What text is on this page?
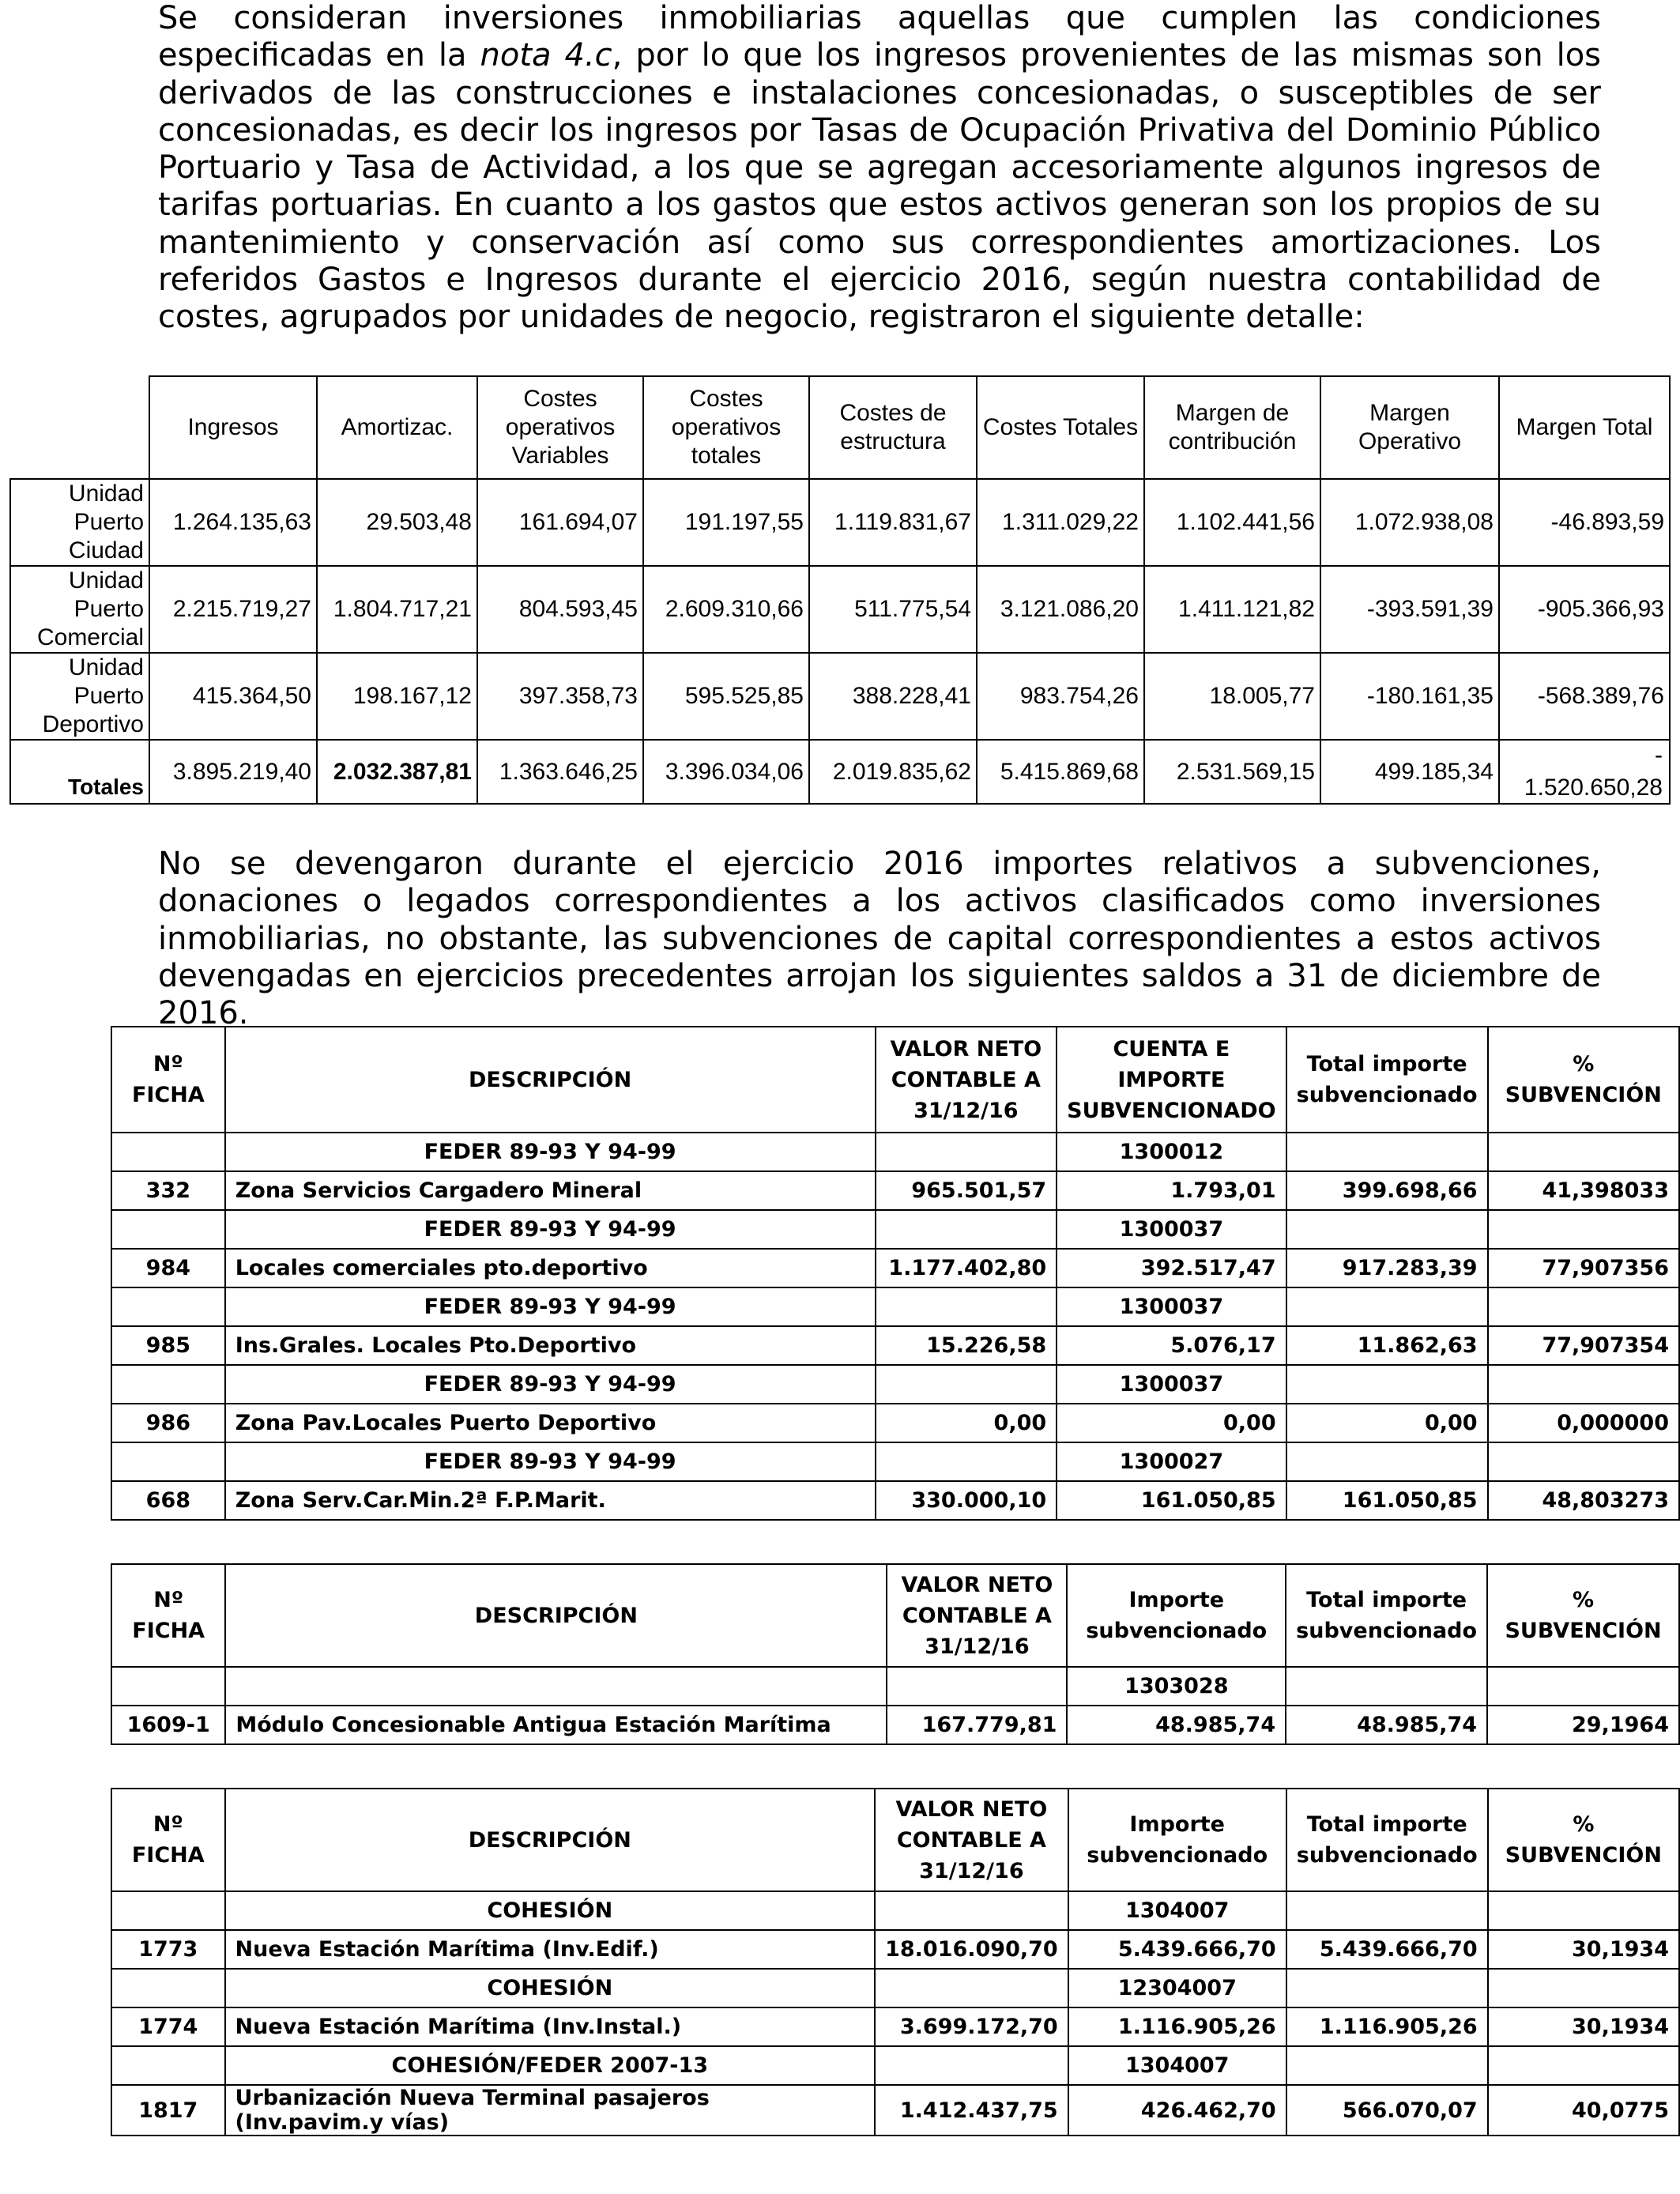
Se consideran inversiones inmobiliarias aquellas que cumplen las condiciones especificadas en la nota 4.c, por lo que los ingresos provenientes de las mismas son los derivados de las construcciones e instalaciones concesionadas, o susceptibles de ser concesionadas, es decir los ingresos por Tasas de Ocupación Privativa del Dominio Público Portuario y Tasa de Actividad, a los que se agregan accesoriamente algunos ingresos de tarifas portuarias. En cuanto a los gastos que estos activos generan son los propios de su mantenimiento y conservación así como sus correspondientes amortizaciones. Los referidos Gastos e Ingresos durante el ejercicio 2016, según nuestra contabilidad de costes, agrupados por unidades de negocio, registraron el siguiente detalle:

	Ingresos	Amortizac.	Costes operativos Variables	Costes operativos totales	Costes de estructura	Costes Totales	Margen de contribución	Margen Operativo	Margen Total
Unidad Puerto Ciudad	1.264.135,63	29.503,48	161.694,07	191.197,55	1.119.831,67	1.311.029,22	1.102.441,56	1.072.938,08	-46.893,59
Unidad Puerto Comercial	2.215.719,27	1.804.717,21	804.593,45	2.609.310,66	511.775,54	3.121.086,20	1.411.121,82	-393.591,39	-905.366,93
Unidad Puerto Deportivo	415.364,50	198.167,12	397.358,73	595.525,85	388.228,41	983.754,26	18.005,77	-180.161,35	-568.389,76
Totales	3.895.219,40	2.032.387,81	1.363.646,25	3.396.034,06	2.019.835,62	5.415.869,68	2.531.569,15	499.185,34	-
1.520.650,28

No se devengaron durante el ejercicio 2016 importes relativos a subvenciones, donaciones o legados correspondientes a los activos clasificados como inversiones inmobiliarias, no obstante, las subvenciones de capital correspondientes a estos activos devengadas en ejercicios precedentes arrojan los siguientes saldos a 31 de diciembre de 2016.

Nº FICHA	DESCRIPCIÓN	VALOR NETO CONTABLE A 31/12/16	CUENTA E IMPORTE SUBVENCIONADO	Total importe subvencionado	% SUBVENCIÓN
	FEDER 89-93 Y 94-99		1300012		
332	Zona Servicios Cargadero Mineral	965.501,57	1.793,01	399.698,66	41,398033
	FEDER 89-93 Y 94-99		1300037		
984	Locales comerciales pto.deportivo	1.177.402,80	392.517,47	917.283,39	77,907356
	FEDER 89-93 Y 94-99		1300037		
985	Ins.Grales. Locales Pto.Deportivo	15.226,58	5.076,17	11.862,63	77,907354
	FEDER 89-93 Y 94-99		1300037		
986	Zona Pav.Locales Puerto Deportivo	0,00	0,00	0,00	0,000000
	FEDER 89-93 Y 94-99		1300027		
668	Zona Serv.Car.Min.2ª F.P.Marit.	330.000,10	161.050,85	161.050,85	48,803273
Nº FICHA	DESCRIPCIÓN	VALOR NETO CONTABLE A 31/12/16	Importe subvencionado	Total importe subvencionado	% SUBVENCIÓN
			1303028		
1609-1	Módulo Concesionable Antigua Estación Marítima	167.779,81	48.985,74	48.985,74	29,1964
Nº FICHA	DESCRIPCIÓN	VALOR NETO CONTABLE A 31/12/16	Importe subvencionado	Total importe subvencionado	% SUBVENCIÓN
	COHESIÓN		1304007		
1773	Nueva Estación Marítima (Inv.Edif.)	18.016.090,70	5.439.666,70	5.439.666,70	30,1934
	COHESIÓN		12304007		
1774	Nueva Estación Marítima (Inv.Instal.)	3.699.172,70	1.116.905,26	1.116.905,26	30,1934
	COHESIÓN/FEDER 2007-13		1304007		
1817	Urbanización Nueva Terminal pasajeros (Inv.pavim.y vías)	1.412.437,75	426.462,70	566.070,07	40,0775
